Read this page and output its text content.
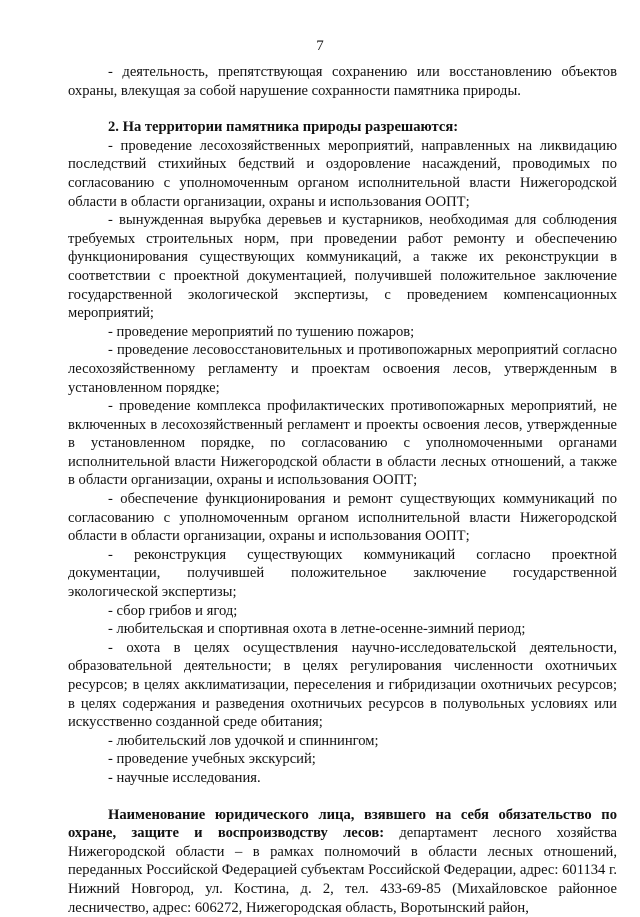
7

- деятельность, препятствующая сохранению или восстановлению объектов охраны, влекущая за собой нарушение сохранности памятника природы.

2. На территории памятника природы разрешаются:

- проведение лесохозяйственных мероприятий, направленных на ликвидацию последствий стихийных бедствий и оздоровление насаждений, проводимых по согласованию с уполномоченным органом исполнительной власти Нижегородской области в области организации, охраны и использования ООПТ;

- вынужденная вырубка деревьев и кустарников, необходимая для соблюдения требуемых строительных норм, при проведении работ ремонту и обеспечению функционирования существующих коммуникаций, а также их реконструкции в соответствии с проектной документацией, получившей положительное заключение государственной экологической экспертизы, с проведением компенсационных мероприятий;

- проведение мероприятий по тушению пожаров;

- проведение лесовосстановительных и противопожарных мероприятий согласно лесохозяйственному регламенту и проектам освоения лесов, утвержденным в установленном порядке;

- проведение комплекса профилактических противопожарных мероприятий, не включенных в лесохозяйственный регламент и проекты освоения лесов, утвержденные в установленном порядке, по согласованию с уполномоченными органами исполнительной власти Нижегородской области в области лесных отношений, а также в области организации, охраны и использования ООПТ;

- обеспечение функционирования и ремонт существующих коммуникаций по согласованию с уполномоченным органом исполнительной власти Нижегородской области в области организации, охраны и использования ООПТ;

- реконструкция существующих коммуникаций согласно проектной документации, получившей положительное заключение государственной экологической экспертизы;

- сбор грибов и ягод;

- любительская и спортивная охота в летне-осенне-зимний период;

- охота в целях осуществления научно-исследовательской деятельности, образовательной деятельности; в целях регулирования численности охотничьих ресурсов; в целях акклиматизации, переселения и гибридизации охотничьих ресурсов; в целях содержания и разведения охотничьих ресурсов в полувольных условиях или искусственно созданной среде обитания;

- любительский лов удочкой и спиннингом;

- проведение учебных экскурсий;

- научные исследования.

Наименование юридического лица, взявшего на себя обязательство по охране, защите и воспроизводству лесов: департамент лесного хозяйства Нижегородской области – в рамках полномочий в области лесных отношений, переданных Российской Федерацией субъектам Российской Федерации, адрес: 601134 г. Нижний Новгород, ул. Костина, д. 2, тел. 433-69-85 (Михайловское районное лесничество, адрес: 606272, Нижегородская область, Воротынский район,
